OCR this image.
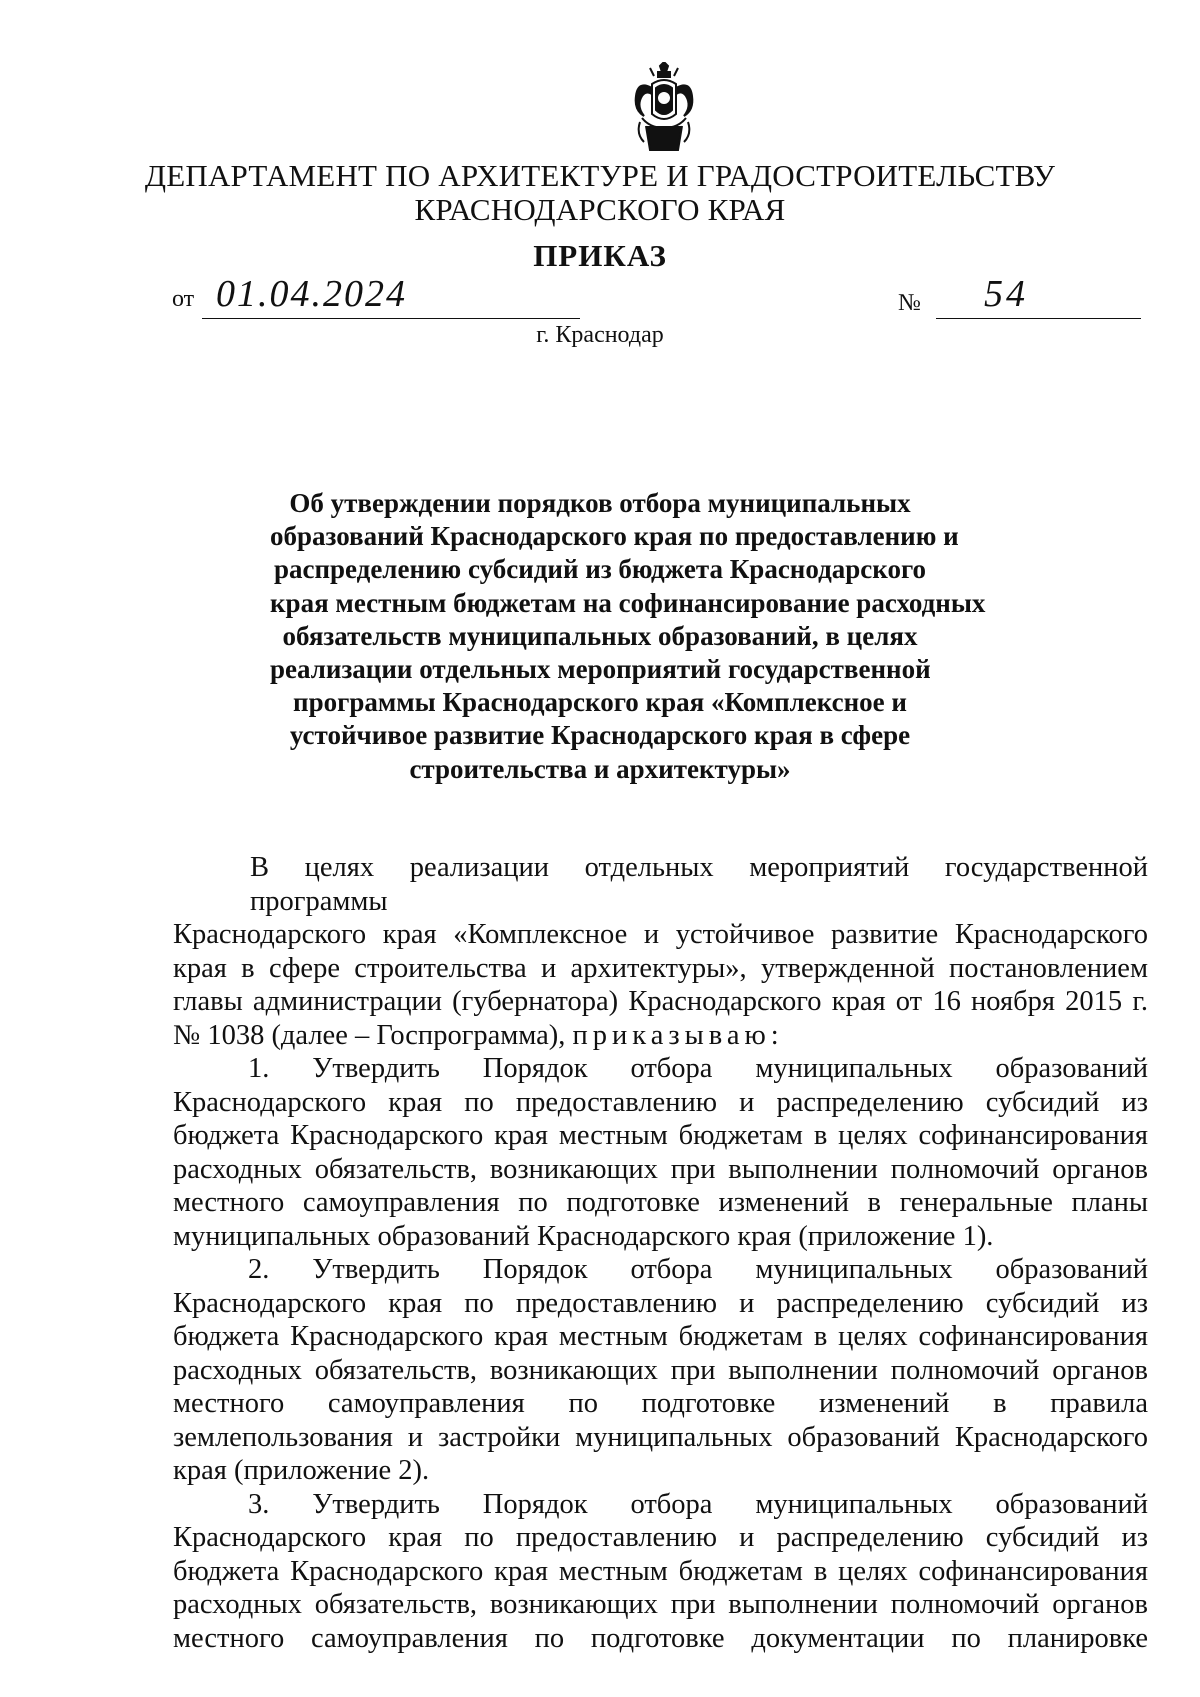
ДЕПАРТАМЕНТ ПО АРХИТЕКТУРЕ И ГРАДОСТРОИТЕЛЬСТВУ
КРАСНОДАРСКОГО КРАЯ
ПРИКАЗ
от 01.04.2024	№ 54
г. Краснодар
Об утверждении порядков отбора муниципальных
образований Краснодарского края по предоставлению и
распределению субсидий из бюджета Краснодарского
края местным бюджетам на софинансирование расходных
обязательств муниципальных образований, в целях
реализации отдельных мероприятий государственной
программы Краснодарского края «Комплексное и
устойчивое развитие Краснодарского края в сфере
строительства и архитектуры»
В целях реализации отдельных мероприятий государственной программы
Краснодарского края «Комплексное и устойчивое развитие Краснодарского
края в сфере строительства и архитектуры», утвержденной постановлением
главы администрации (губернатора) Краснодарского края от 16 ноября 2015 г.
№ 1038 (далее – Госпрограмма), приказываю:
1. Утвердить Порядок отбора муниципальных образований
Краснодарского края по предоставлению и распределению субсидий из
бюджета Краснодарского края местным бюджетам в целях софинансирования
расходных обязательств, возникающих при выполнении полномочий органов
местного самоуправления по подготовке изменений в генеральные планы
муниципальных образований Краснодарского края (приложение 1).
2. Утвердить Порядок отбора муниципальных образований
Краснодарского края по предоставлению и распределению субсидий из
бюджета Краснодарского края местным бюджетам в целях софинансирования
расходных обязательств, возникающих при выполнении полномочий органов
местного самоуправления по подготовке изменений в правила
землепользования и застройки муниципальных образований Краснодарского
края (приложение 2).
3. Утвердить Порядок отбора муниципальных образований
Краснодарского края по предоставлению и распределению субсидий из
бюджета Краснодарского края местным бюджетам в целях софинансирования
расходных обязательств, возникающих при выполнении полномочий органов
местного самоуправления по подготовке документации по планировке
